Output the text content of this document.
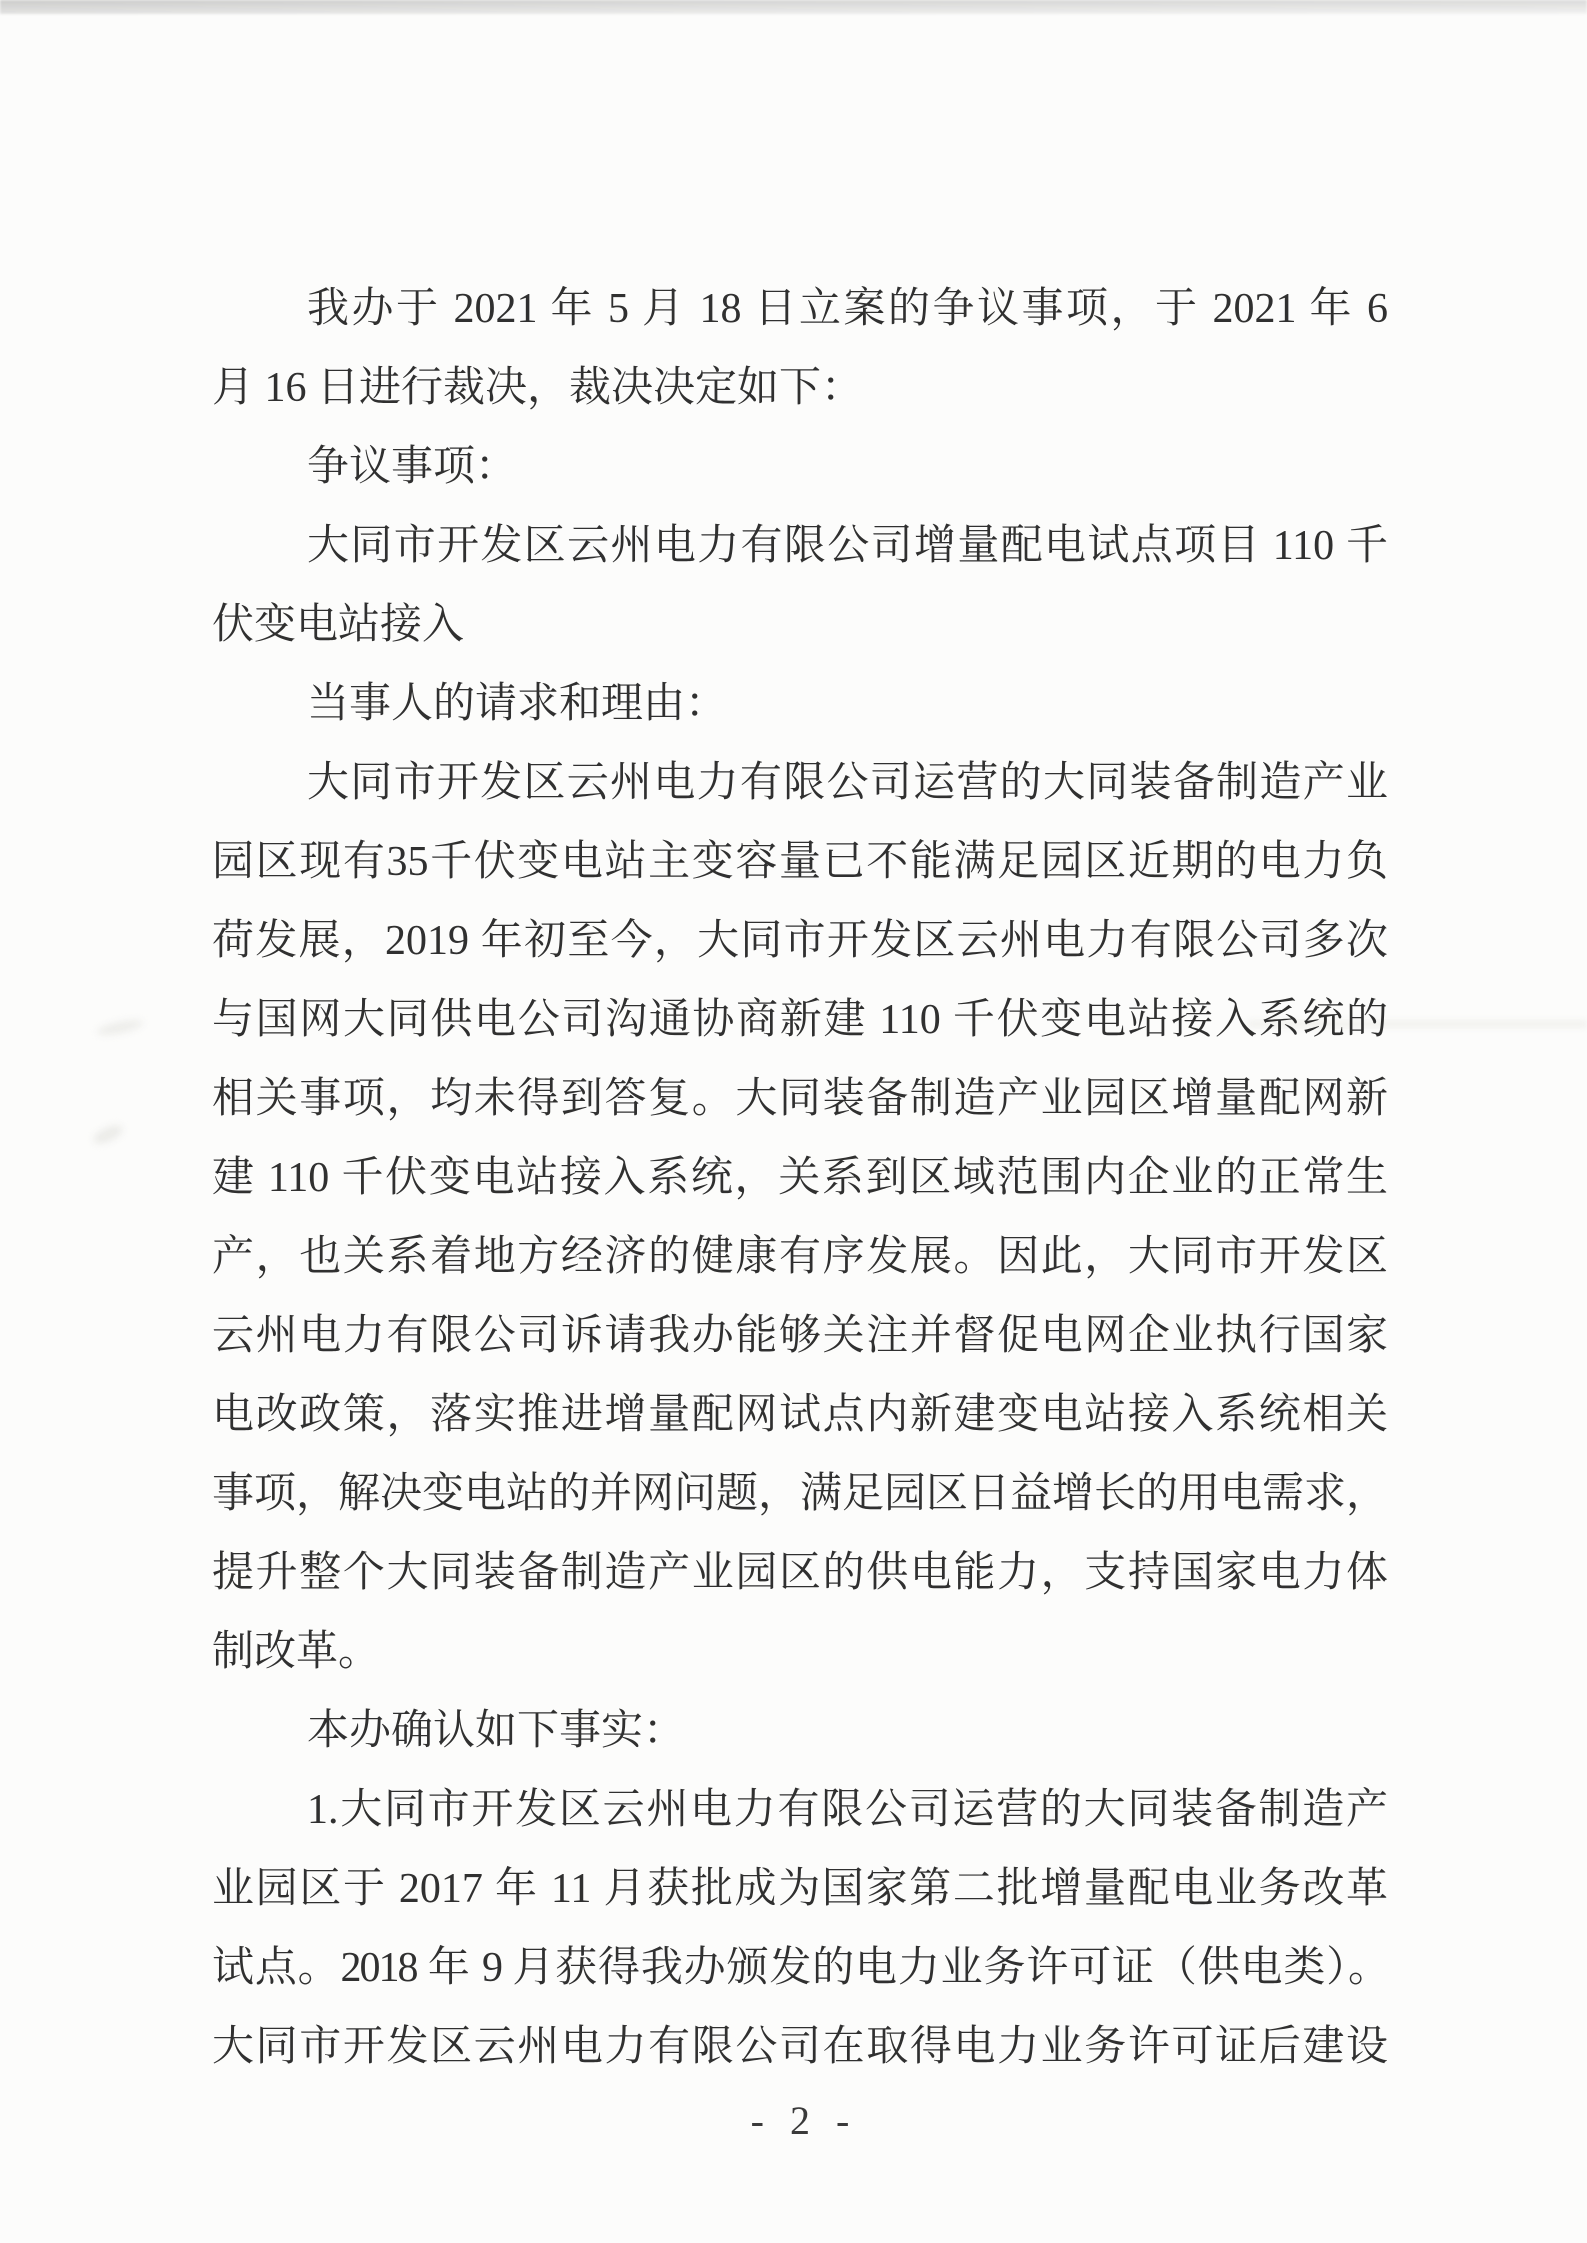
我办于 2021 年 5 月 18 日立案的争议事项，于 2021 年 6
月 16 日进行裁决，裁决决定如下：
争议事项：
大同市开发区云州电力有限公司增量配电试点项目 110 千
伏变电站接入
当事人的请求和理由：
大同市开发区云州电力有限公司运营的大同装备制造产业
园区现有35千伏变电站主变容量已不能满足园区近期的电力负
荷发展，2019 年初至今，大同市开发区云州电力有限公司多次
与国网大同供电公司沟通协商新建 110 千伏变电站接入系统的
相关事项，均未得到答复。大同装备制造产业园区增量配网新
建 110 千伏变电站接入系统，关系到区域范围内企业的正常生
产，也关系着地方经济的健康有序发展。因此，大同市开发区
云州电力有限公司诉请我办能够关注并督促电网企业执行国家
电改政策，落实推进增量配网试点内新建变电站接入系统相关
事项，解决变电站的并网问题，满足园区日益增长的用电需求，
提升整个大同装备制造产业园区的供电能力，支持国家电力体
制改革。
本办确认如下事实：
1.大同市开发区云州电力有限公司运营的大同装备制造产
业园区于 2017 年 11 月获批成为国家第二批增量配电业务改革
试点。2018 年 9 月获得我办颁发的电力业务许可证（供电类）。
大同市开发区云州电力有限公司在取得电力业务许可证后建设
- 2 -
